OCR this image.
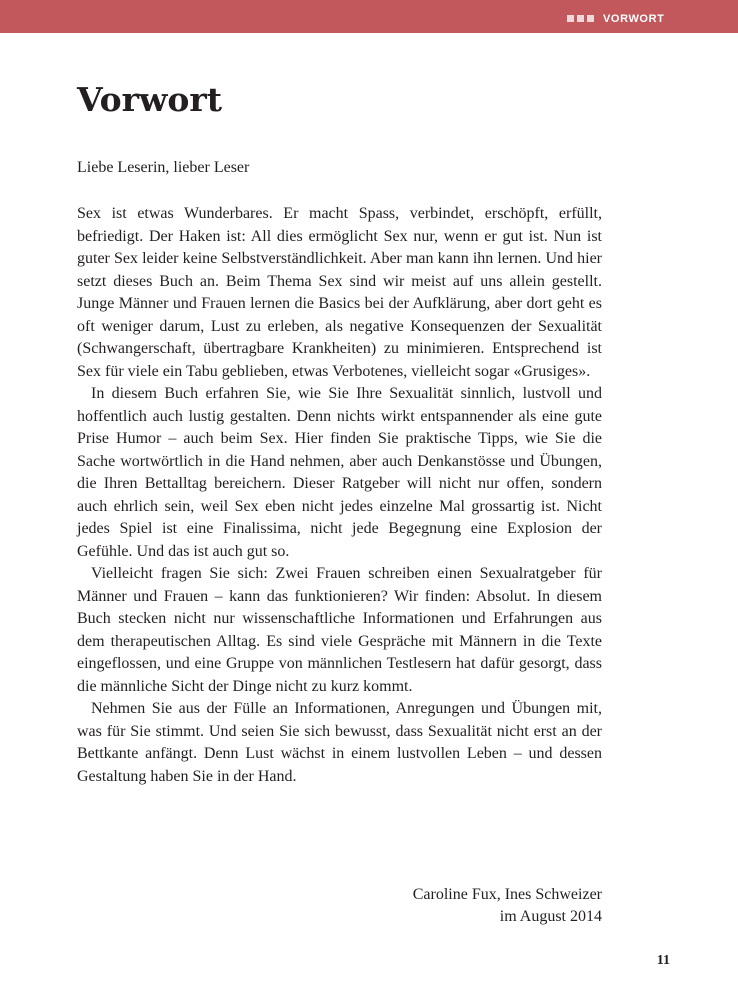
VORWORT
Vorwort

Liebe Leserin, lieber Leser

Sex ist etwas Wunderbares. Er macht Spass, verbindet, erschöpft, erfüllt, befriedigt. Der Haken ist: All dies ermöglicht Sex nur, wenn er gut ist. Nun ist guter Sex leider keine Selbstverständlichkeit. Aber man kann ihn lernen. Und hier setzt dieses Buch an. Beim Thema Sex sind wir meist auf uns allein gestellt. Junge Männer und Frauen lernen die Basics bei der Aufklärung, aber dort geht es oft weniger darum, Lust zu erleben, als negative Konsequenzen der Sexualität (Schwangerschaft, übertragbare Krankheiten) zu minimieren. Entsprechend ist Sex für viele ein Tabu geblieben, etwas Verbotenes, vielleicht sogar «Grusiges».

In diesem Buch erfahren Sie, wie Sie Ihre Sexualität sinnlich, lustvoll und hoffentlich auch lustig gestalten. Denn nichts wirkt entspannender als eine gute Prise Humor – auch beim Sex. Hier finden Sie praktische Tipps, wie Sie die Sache wortwörtlich in die Hand nehmen, aber auch Denkanstösse und Übungen, die Ihren Bettalltag bereichern. Dieser Ratgeber will nicht nur offen, sondern auch ehrlich sein, weil Sex eben nicht jedes einzelne Mal grossartig ist. Nicht jedes Spiel ist eine Finalissima, nicht jede Begegnung eine Explosion der Gefühle. Und das ist auch gut so.

Vielleicht fragen Sie sich: Zwei Frauen schreiben einen Sexualratgeber für Männer und Frauen – kann das funktionieren? Wir finden: Absolut. In diesem Buch stecken nicht nur wissenschaftliche Informationen und Erfahrungen aus dem therapeutischen Alltag. Es sind viele Gespräche mit Männern in die Texte eingeflossen, und eine Gruppe von männlichen Testlesern hat dafür gesorgt, dass die männliche Sicht der Dinge nicht zu kurz kommt.

Nehmen Sie aus der Fülle an Informationen, Anregungen und Übungen mit, was für Sie stimmt. Und seien Sie sich bewusst, dass Sexualität nicht erst an der Bettkante anfängt. Denn Lust wächst in einem lustvollen Leben – und dessen Gestaltung haben Sie in der Hand.

Caroline Fux, Ines Schweizer
im August 2014
11
